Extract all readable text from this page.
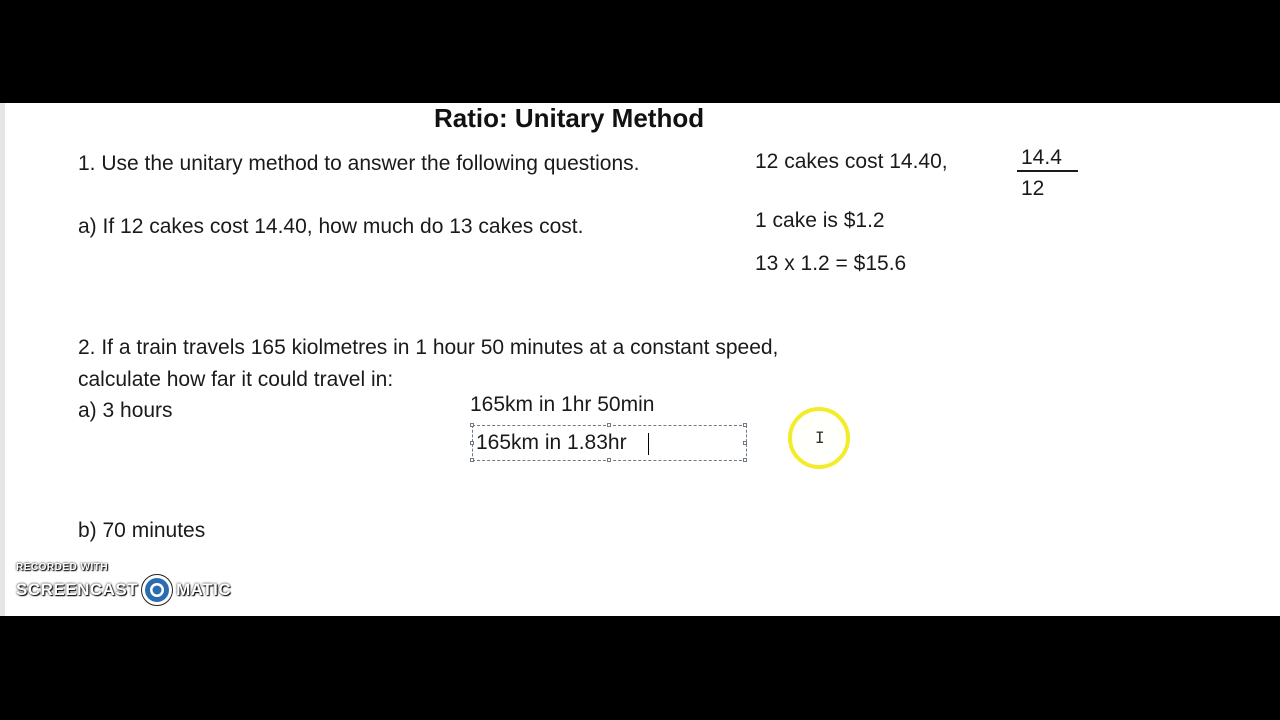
Ratio: Unitary Method
1. Use the unitary method to answer the following questions.
a) If 12 cakes cost 14.40, how much do 13 cakes cost.
12 cakes cost 14.40,	14.4
12
1 cake is $1.2
13 x 1.2 = $15.6
2. If a train travels 165 kiolmetres in 1 hour 50 minutes at a constant speed,
calculate how far it could travel in:
a) 3 hours
b) 70 minutes
165km in 1hr 50min
165km in 1.83hr	I
RECORDED WITH
SCREENCAST MATIC
